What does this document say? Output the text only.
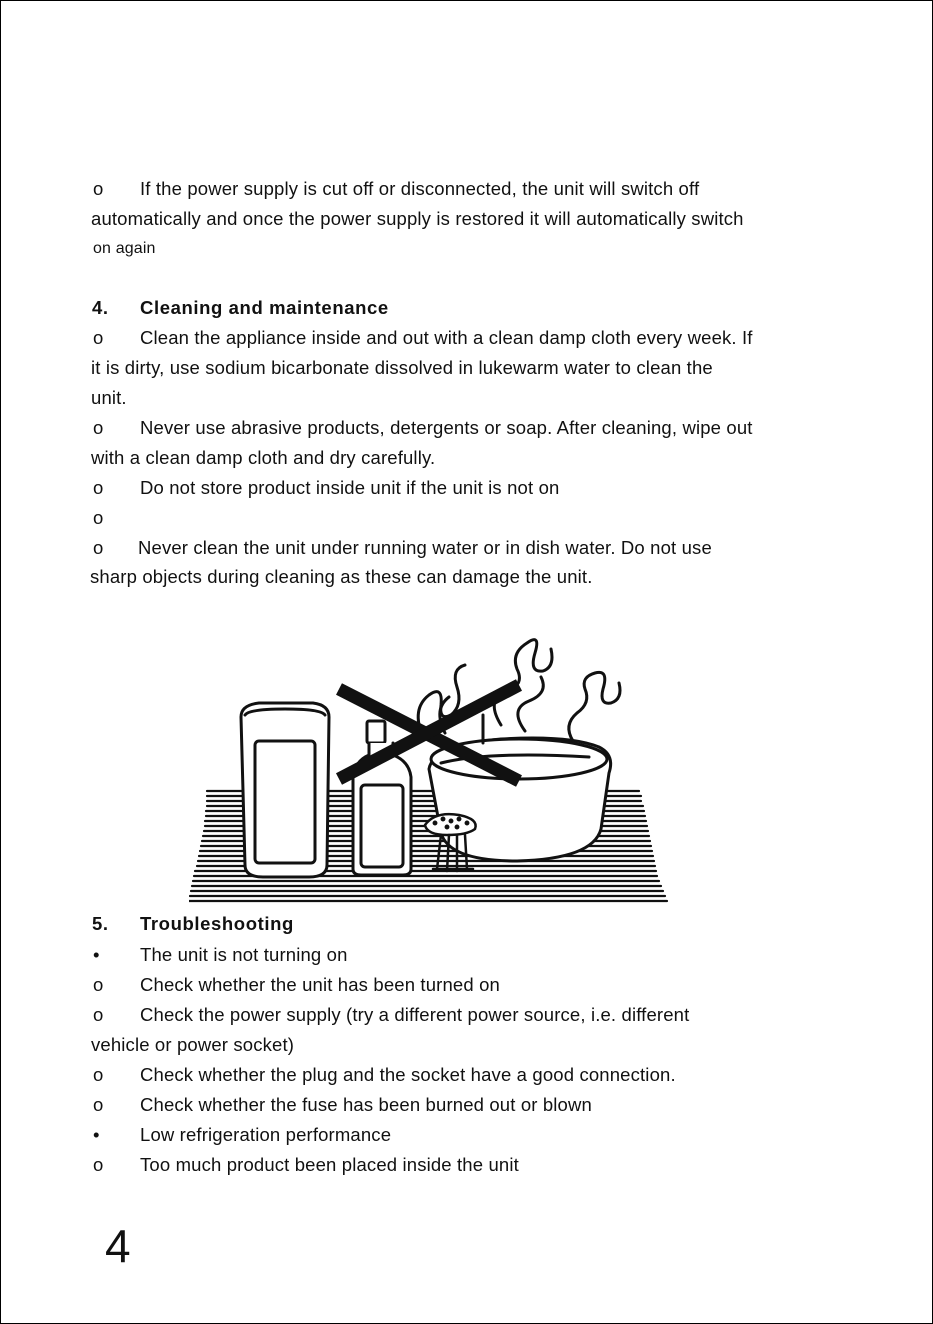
o	If the power supply is cut off or disconnected, the unit will switch off
automatically and once the power supply is restored it will automatically switch
on again
4. Cleaning and maintenance
o	Clean the appliance inside and out with a clean damp cloth every week. If
it is dirty, use sodium bicarbonate dissolved in lukewarm water to clean the
unit.
o	Never use abrasive products, detergents or soap. After cleaning, wipe out
with a clean damp cloth and dry carefully.
o	Do not store product inside unit if the unit is not on
o
o	Never clean the unit under running water or in dish water. Do not use
sharp objects during cleaning as these can damage the unit.
5. Troubleshooting
•	The unit is not turning on
o	Check whether the unit has been turned on
o	Check the power supply (try a different power source, i.e. different
vehicle or power socket)
o	Check whether the plug and the socket have a good connection.
o	Check whether the fuse has been burned out or blown
•	Low refrigeration performance
o	Too much product been placed inside the unit
4
